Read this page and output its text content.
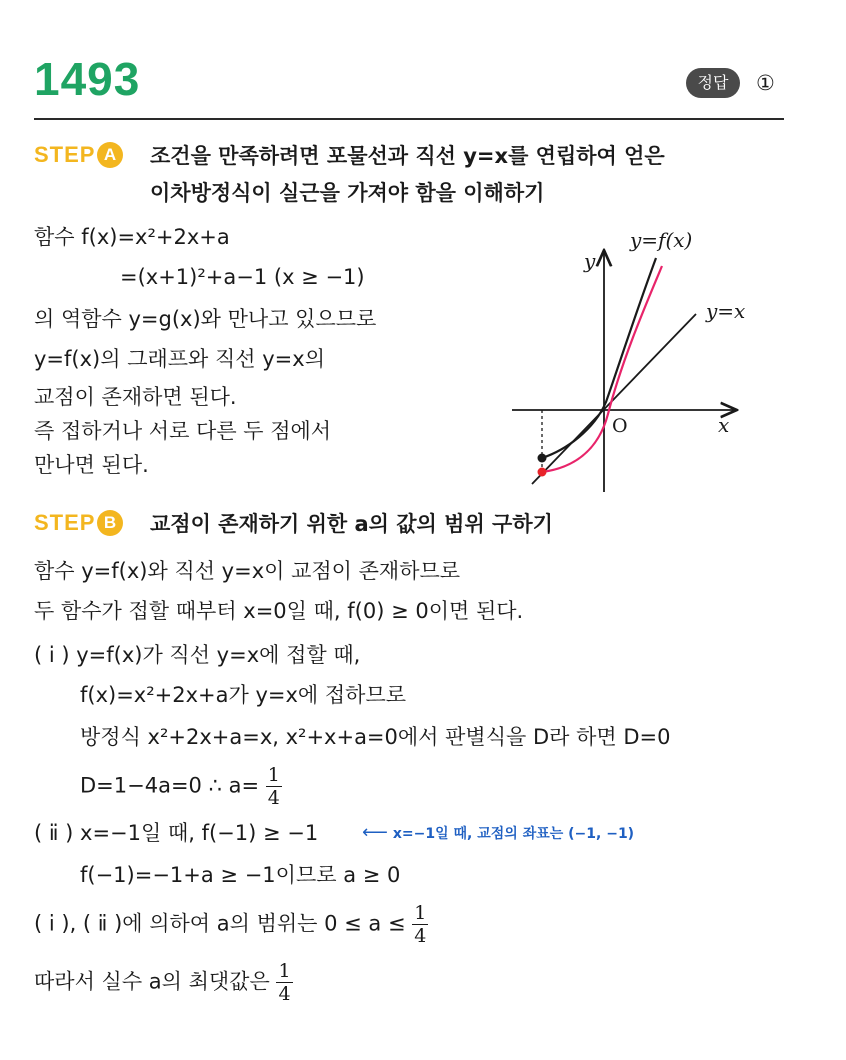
1493	정답	①
STEP A	조건을 만족하려면 포물선과 직선 y=x를 연립하여 얻은
이차방정식이 실근을 가져야 함을 이해하기
함수 f(x)=x²+2x+a
=(x+1)²+a−1 (x ≥ −1)
의 역함수 y=g(x)와 만나고 있으므로
y=f(x)의 그래프와 직선 y=x의
교점이 존재하면 된다.
즉 접하거나 서로 다른 두 점에서
만나면 된다.
y=f(x)
y=x
y
x
O
STEP B	교점이 존재하기 위한 a의 값의 범위 구하기
함수 y=f(x)와 직선 y=x이 교점이 존재하므로
두 함수가 접할 때부터 x=0일 때, f(0) ≥ 0이면 된다.
( ⅰ ) y=f(x)가 직선 y=x에 접할 때,
f(x)=x²+2x+a가 y=x에 접하므로
방정식 x²+2x+a=x, x²+x+a=0에서 판별식을 D라 하면 D=0
D=1−4a=0 ∴ $a= \frac{1}{4}$
( ⅱ ) x=−1일 때, f(−1) ≥ −1 ⟵ x=−1일 때, 교점의 좌표는 (−1, −1)
f(−1)=−1+a ≥ −1이므로 a ≥ 0
( ⅰ ), ( ⅱ )에 의하여 a의 범위는 $0 \le a \le \frac{1}{4}$
따라서 실수 a의 최댓값은 $\frac{1}{4}$
